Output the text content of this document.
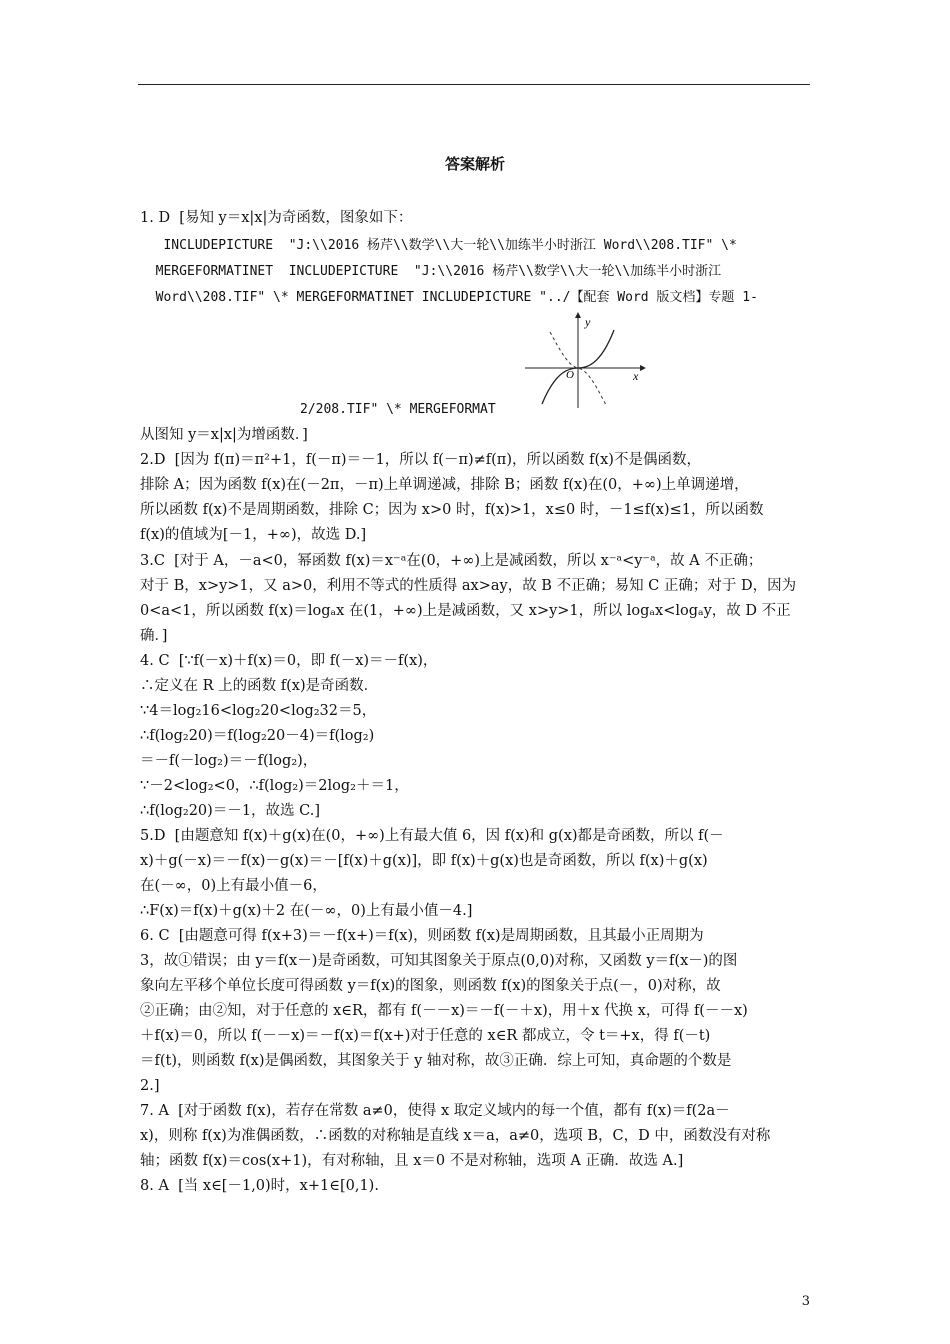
答案解析
1. D  [易知 y＝x|x|为奇函数，图象如下：
INCLUDEPICTURE  "J:\\2016 杨芹\\数学\\大一轮\\加练半小时浙江 Word\\208.TIF" \*
MERGEFORMATINET  INCLUDEPICTURE  "J:\\2016 杨芹\\数学\\大一轮\\加练半小时浙江
Word\\208.TIF" \* MERGEFORMATINET INCLUDEPICTURE "../【配套 Word 版文档】专题 1-
y
x
O
2/208.TIF" \* MERGEFORMAT
从图知 y＝x|x|为增函数．]
2.D  [因为 f(π)＝π²+1，f(－π)＝－1，所以 f(－π)≠f(π)，所以函数 f(x)不是偶函数，
排除 A；因为函数 f(x)在(－2π，－π)上单调递减，排除 B；函数 f(x)在(0，+∞)上单调递增，
所以函数 f(x)不是周期函数，排除 C；因为 x>0 时，f(x)>1，x≤0 时，－1≤f(x)≤1，所以函数
f(x)的值域为[－1，+∞)，故选 D.]
3.C  [对于 A，－a<0，幂函数 f(x)＝x⁻ᵃ在(0，+∞)上是减函数，所以 x⁻ᵃ<y⁻ᵃ，故 A 不正确；
对于 B，x>y>1，又 a>0，利用不等式的性质得 ax>ay，故 B 不正确；易知 C 正确；对于 D，因为
0<a<1，所以函数 f(x)＝logₐx 在(1，+∞)上是减函数，又 x>y>1，所以 logₐx<logₐy，故 D 不正
确．]
4. C  [∵f(－x)＋f(x)＝0，即 f(－x)＝－f(x)，
∴定义在 R 上的函数 f(x)是奇函数．
∵4＝log₂16<log₂20<log₂32＝5，
∴f(log₂20)＝f(log₂20－4)＝f(log₂)
＝－f(－log₂)＝－f(log₂)，
∵－2<log₂<0，∴f(log₂)＝2log₂＋＝1，
∴f(log₂20)＝－1，故选 C.]
5.D  [由题意知 f(x)＋g(x)在(0，+∞)上有最大值 6，因 f(x)和 g(x)都是奇函数，所以 f(－
x)＋g(－x)＝－f(x)－g(x)＝－[f(x)＋g(x)]，即 f(x)＋g(x)也是奇函数，所以 f(x)＋g(x)
在(－∞，0)上有最小值－6，
∴F(x)＝f(x)＋g(x)＋2 在(－∞，0)上有最小值－4.]
6. C  [由题意可得 f(x+3)＝－f(x+)＝f(x)，则函数 f(x)是周期函数，且其最小正周期为
3，故①错误；由 y＝f(x－)是奇函数，可知其图象关于原点(0,0)对称，又函数 y＝f(x－)的图
象向左平移个单位长度可得函数 y＝f(x)的图象，则函数 f(x)的图象关于点(－，0)对称，故
②正确；由②知，对于任意的 x∈R，都有 f(－－x)＝－f(－＋x)，用＋x 代换 x，可得 f(－－x)
＋f(x)＝0，所以 f(－－x)＝－f(x)＝f(x+)对于任意的 x∈R 都成立，令 t＝+x，得 f(－t)
＝f(t)，则函数 f(x)是偶函数，其图象关于 y 轴对称，故③正确．综上可知，真命题的个数是
2.]
7. A  [对于函数 f(x)，若存在常数 a≠0，使得 x 取定义域内的每一个值，都有 f(x)＝f(2a－
x)，则称 f(x)为准偶函数，∴函数的对称轴是直线 x＝a，a≠0，选项 B，C，D 中，函数没有对称
轴；函数 f(x)＝cos(x+1)，有对称轴，且 x＝0 不是对称轴，选项 A 正确．故选 A.]
8. A  [当 x∈[－1,0)时，x+1∈[0,1).
3
